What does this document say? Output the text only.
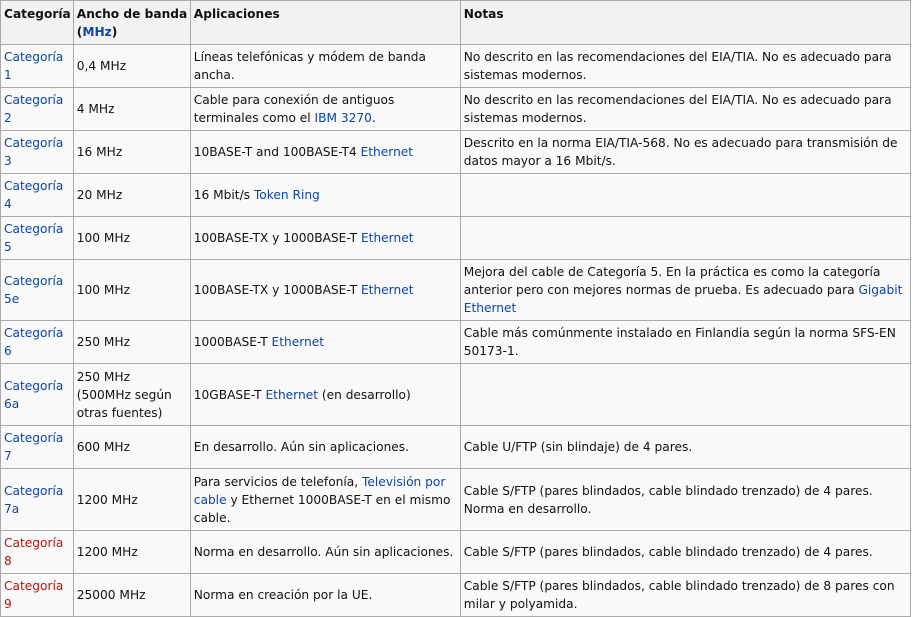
Categoría	Ancho de banda (MHz)	Aplicaciones	Notas
Categoría 1	0,4 MHz	Líneas telefónicas y módem de banda ancha.	No descrito en las recomendaciones del EIA/TIA. No es adecuado para sistemas modernos.
Categoría 2	4 MHz	Cable para conexión de antiguos terminales como el IBM 3270.	No descrito en las recomendaciones del EIA/TIA. No es adecuado para sistemas modernos.
Categoría 3	16 MHz	10BASE-T and 100BASE-T4 Ethernet	Descrito en la norma EIA/TIA-568. No es adecuado para transmisión de datos mayor a 16 Mbit/s.
Categoría 4	20 MHz	16 Mbit/s Token Ring	
Categoría 5	100 MHz	100BASE-TX y 1000BASE-T Ethernet	
Categoría 5e	100 MHz	100BASE-TX y 1000BASE-T Ethernet	Mejora del cable de Categoría 5. En la práctica es como la categoría anterior pero con mejores normas de prueba. Es adecuado para Gigabit Ethernet
Categoría 6	250 MHz	1000BASE-T Ethernet	Cable más comúnmente instalado en Finlandia según la norma SFS-EN 50173-1.
Categoría 6a	250 MHz (500MHz según otras fuentes)	10GBASE-T Ethernet (en desarrollo)	
Categoría 7	600 MHz	En desarrollo. Aún sin aplicaciones.	Cable U/FTP (sin blindaje) de 4 pares.
Categoría 7a	1200 MHz	Para servicios de telefonía, Televisión por cable y Ethernet 1000BASE-T en el mismo cable.	Cable S/FTP (pares blindados, cable blindado trenzado) de 4 pares. Norma en desarrollo.
Categoría 8	1200 MHz	Norma en desarrollo. Aún sin aplicaciones.	Cable S/FTP (pares blindados, cable blindado trenzado) de 4 pares.
Categoría 9	25000 MHz	Norma en creación por la UE.	Cable S/FTP (pares blindados, cable blindado trenzado) de 8 pares con milar y polyamida.
